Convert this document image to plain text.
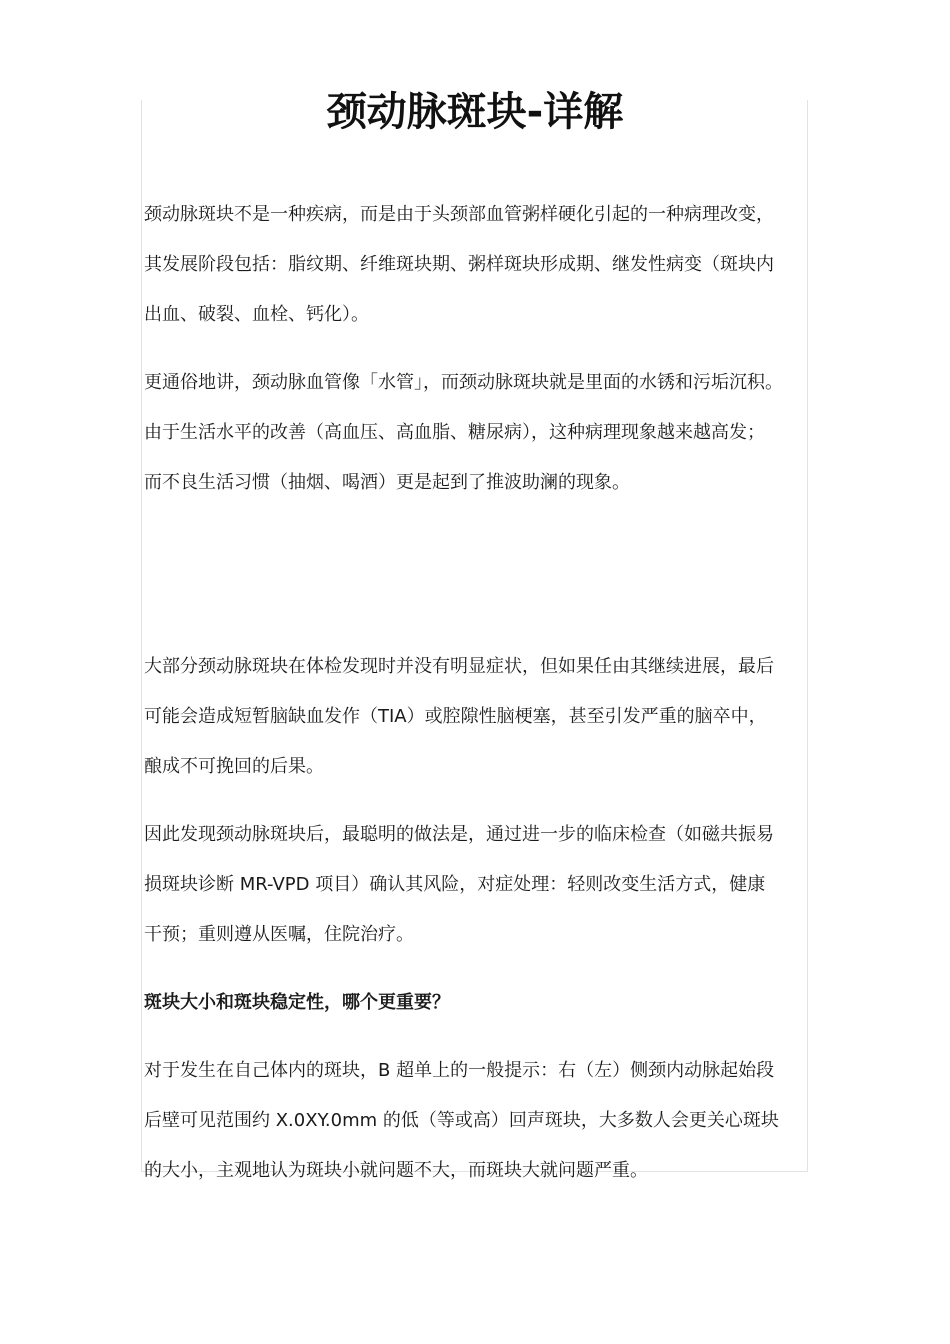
颈动脉斑块-详解

颈动脉斑块不是一种疾病，而是由于头颈部血管粥样硬化引起的一种病理改变，
其发展阶段包括：脂纹期、纤维斑块期、粥样斑块形成期、继发性病变（斑块内
出血、破裂、血栓、钙化）。

更通俗地讲，颈动脉血管像「水管」，而颈动脉斑块就是里面的水锈和污垢沉积。
由于生活水平的改善（高血压、高血脂、糖尿病），这种病理现象越来越高发；
而不良生活习惯（抽烟、喝酒）更是起到了推波助澜的现象。

大部分颈动脉斑块在体检发现时并没有明显症状，但如果任由其继续进展，最后
可能会造成短暂脑缺血发作（TIA）或腔隙性脑梗塞，甚至引发严重的脑卒中，
酿成不可挽回的后果。

因此发现颈动脉斑块后，最聪明的做法是，通过进一步的临床检查（如磁共振易
损斑块诊断 MR-VPD 项目）确认其风险，对症处理：轻则改变生活方式，健康
干预；重则遵从医嘱，住院治疗。

斑块大小和斑块稳定性，哪个更重要？

对于发生在自己体内的斑块，B 超单上的一般提示：右（左）侧颈内动脉起始段
后壁可见范围约 X.0XY.0mm 的低（等或高）回声斑块，大多数人会更关心斑块
的大小，主观地认为斑块小就问题不大，而斑块大就问题严重。
